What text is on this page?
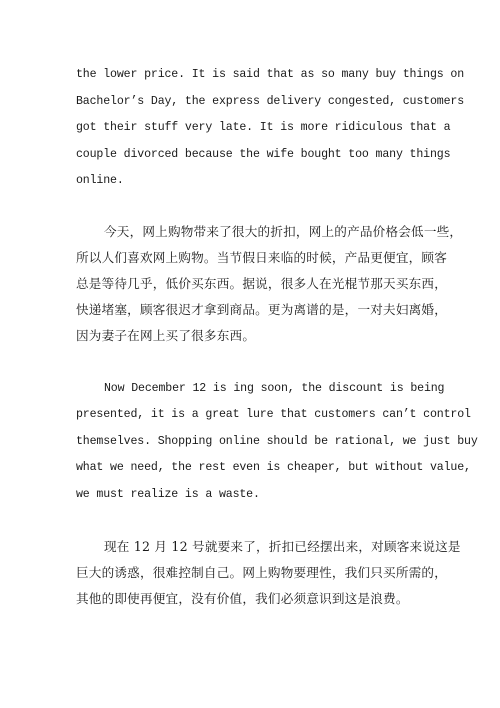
the lower price. It is said that as so many buy things on

Bachelor’s Day, the express delivery congested, customers

got their stuff very late. It is more ridiculous that a

couple divorced because the wife bought too many things

online.

今天，网上购物带来了很大的折扣，网上的产品价格会低一些，

所以人们喜欢网上购物。当节假日来临的时候，产品更便宜，顾客

总是等待几乎，低价买东西。据说，很多人在光棍节那天买东西，

快递堵塞，顾客很迟才拿到商品。更为离谱的是，一对夫妇离婚，

因为妻子在网上买了很多东西。

Now December 12 is ing soon, the discount is being

presented, it is a great lure that customers can’t control

themselves. Shopping online should be rational, we just buy

what we need, the rest even is cheaper, but without value,

we must realize is a waste.

现在 12 月 12 号就要来了，折扣已经摆出来，对顾客来说这是

巨大的诱惑，很难控制自己。网上购物要理性，我们只买所需的，

其他的即使再便宜，没有价值，我们必须意识到这是浪费。
